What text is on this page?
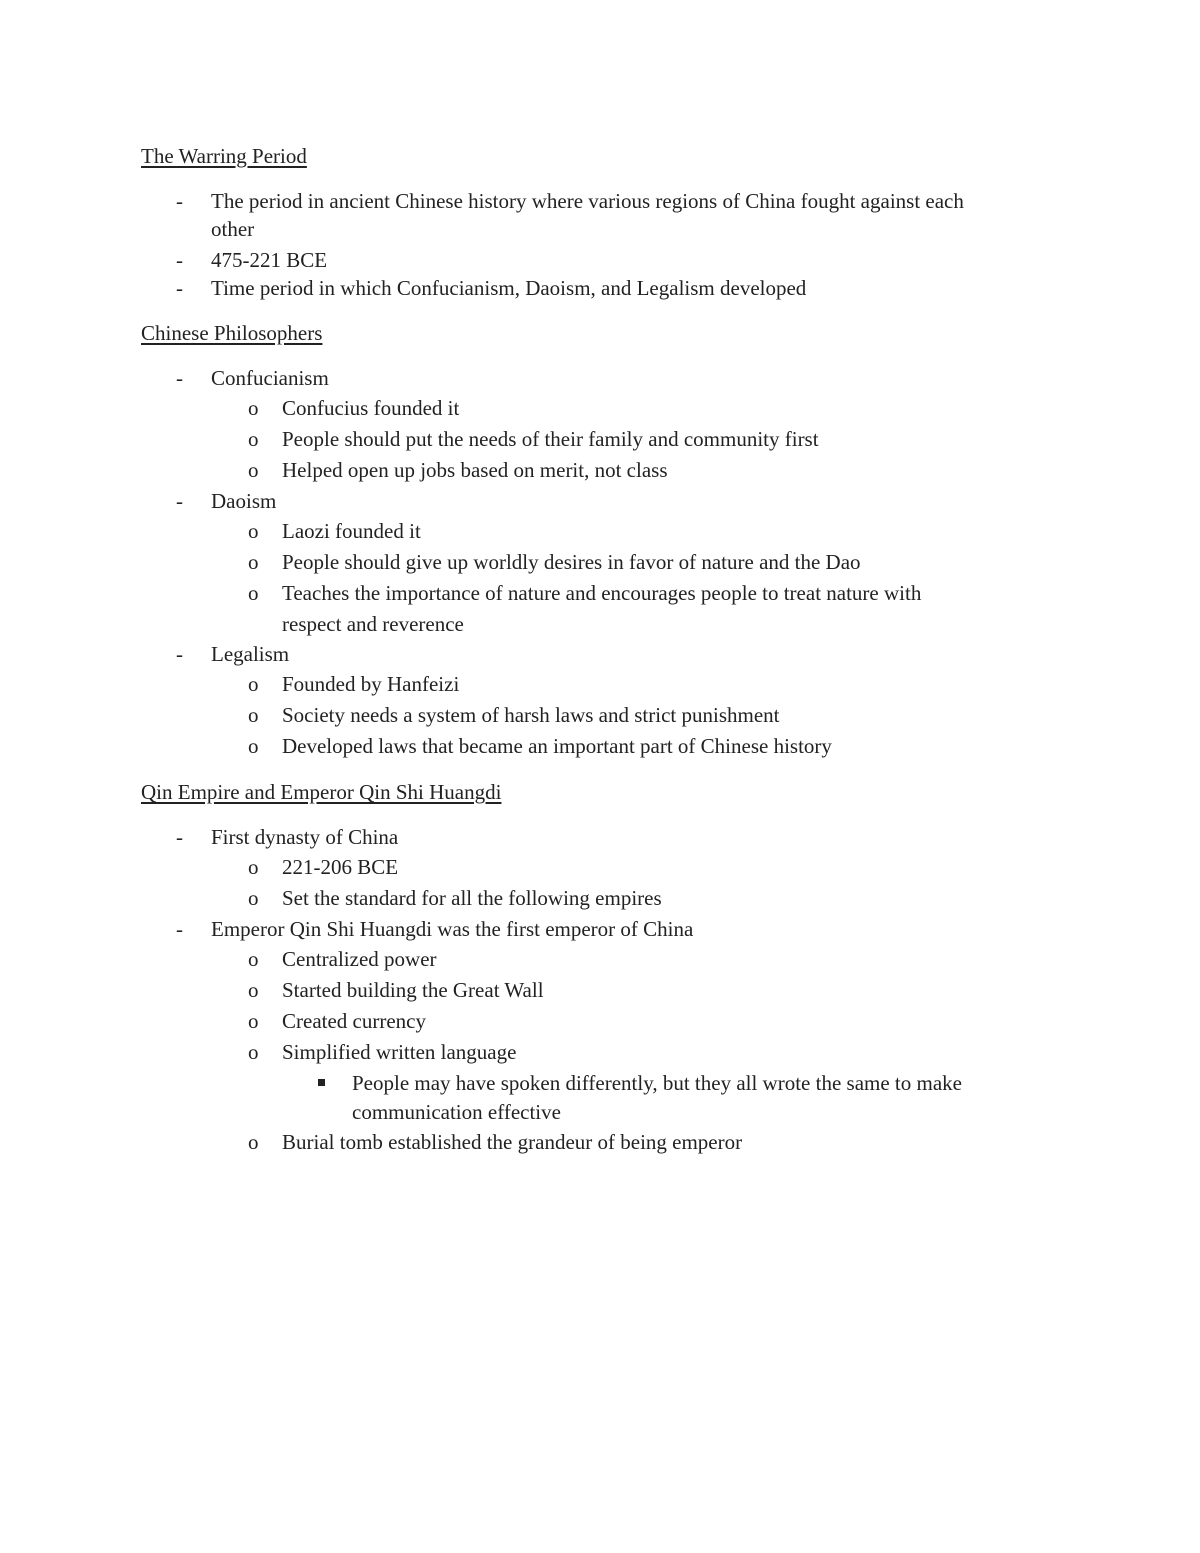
The Warring Period
- The period in ancient Chinese history where various regions of China fought against each
other
- 475-221 BCE
- Time period in which Confucianism, Daoism, and Legalism developed
Chinese Philosophers
- Confucianism
o Confucius founded it
o People should put the needs of their family and community first
o Helped open up jobs based on merit, not class
- Daoism
o Laozi founded it
o People should give up worldly desires in favor of nature and the Dao
o Teaches the importance of nature and encourages people to treat nature with
respect and reverence
- Legalism
o Founded by Hanfeizi
o Society needs a system of harsh laws and strict punishment
o Developed laws that became an important part of Chinese history
Qin Empire and Emperor Qin Shi Huangdi
- First dynasty of China
o 221-206 BCE
o Set the standard for all the following empires
- Emperor Qin Shi Huangdi was the first emperor of China
o Centralized power
o Started building the Great Wall
o Created currency
o Simplified written language
People may have spoken differently, but they all wrote the same to make
communication effective
o Burial tomb established the grandeur of being emperor
